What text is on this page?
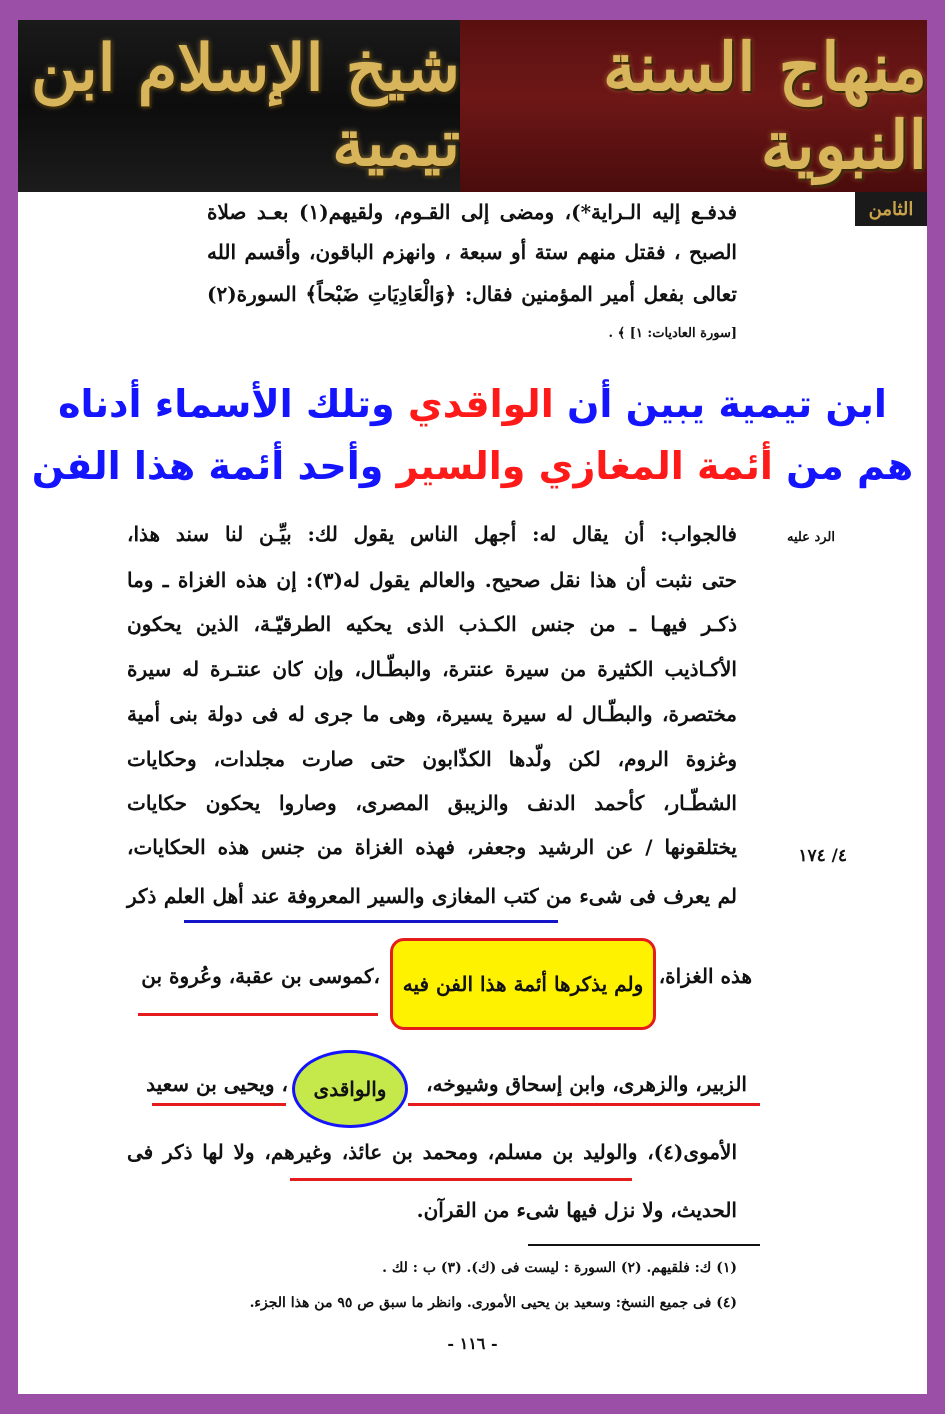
شيخ الإسلام ابن تيمية
منهاج السنة النبوية
الثامن
فدفـع إليه الـراية*)، ومضى إلى القـوم، ولقيهم(١) بعـد صلاة
الصبح ، فقتل منهم ستة أو سبعة ، وانهزم الباقون، وأقسم الله
تعالى بفعل أمير المؤمنين فقال: ﴿وَالْعَادِيَاتِ ضَبْحاً﴾ السورة(٢)
[سورة العاديات: ١] ﴾ .
ابن تيمية يبين أن الواقدي وتلك الأسماء أدناه
هم من أئمة المغازي والسير وأحد أئمة هذا الفن
الرد عليه
٤/ ١٧٤
فالجواب: أن يقال له: أجهل الناس يقول لك: بيِّـن لنا سند هذا،
حتى نثبت أن هذا نقل صحيح. والعالم يقول له(٣): إن هذه الغزاة ـ وما
ذكـر فيهـا ـ من جنس الكـذب الذى يحكيه الطرقيّـة، الذين يحكون
الأكـاذيب الكثيرة من سيرة عنترة، والبطّـال، وإن كان عنتـرة له سيرة
مختصرة، والبطّـال له سيرة يسيرة، وهى ما جرى له فى دولة بنى أمية
وغزوة الروم، لكن ولّدها الكذّابون حتى صارت مجلدات، وحكايات
الشطّـار، كأحمد الدنف والزيبق المصرى، وصاروا يحكون حكايات
يختلقونها / عن الرشيد وجعفر، فهذه الغزاة من جنس هذه الحكايات،
لم يعرف فى شىء من كتب المغازى والسير المعروفة عند أهل العلم ذكر
هذه الغزاة،
ولم يذكرها أئمة هذا الفن فيه
،كموسى بن عقبة، وعُروة بن
الزبير، والزهرى، وابن إسحاق وشيوخه،
والواقدى
، ويحيى بن سعيد
الأموى(٤)، والوليد بن مسلم، ومحمد بن عائذ، وغيرهم، ولا لها ذكر فى
الحديث، ولا نزل فيها شىء من القرآن.
(١) ك: فلقيهم. (٢) السورة : ليست فى (ك). (٣) ب : لك .
(٤) فى جميع النسخ: وسعيد بن يحيى الأمورى. وانظر ما سبق ص ٩٥ من هذا الجزء.
- ١١٦ -
